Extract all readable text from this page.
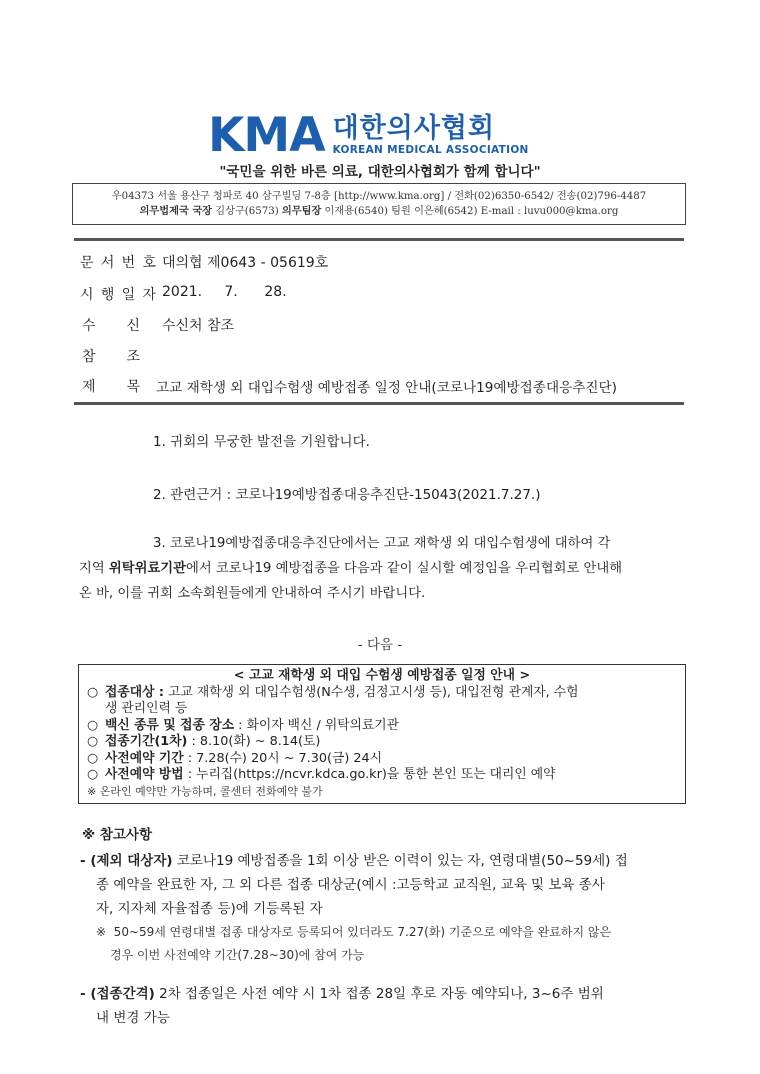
KMA 대한의사협회
KOREAN MEDICAL ASSOCIATION
"국민을 위한 바른 의료, 대한의사협회가 함께 합니다"
우04373 서울 용산구 청파로 40 삼구빌딩 7-8층 [http://www.kma.org] / 전화(02)6350-6542/ 전송(02)796-4487
의무법제국 국장 김상구(6573) 의무팀장 이재용(6540) 팀원 이은혜(6542) E-mail : luvu000@kma.org
문 서 번 호 대의협 제0643 - 05619호
시 행 일 자 2021.     7.      28.
수 신 수신처 참조
참 조
제 목 고교 재학생 외 대입수험생 예방접종 일정 안내(코로나19예방접종대응추진단)
1. 귀회의 무궁한 발전을 기원합니다.
2. 관련근거 : 코로나19예방접종대응추진단-15043(2021.7.27.)
3. 코로나19예방접종대응추진단에서는 고교 재학생 외 대입수험생에 대하여 각
지역 위탁위료기관에서 코로나19 예방접종을 다음과 같이 실시할 예정임을 우리협회로 안내해
온 바, 이를 귀회 소속회원들에게 안내하여 주시기 바랍니다.
- 다음 -
< 고교 재학생 외 대입 수험생 예방접종 일정 안내 >
○ 접종대상 : 고교 재학생 외 대입수험생(N수생, 검정고시생 등), 대입전형 관계자, 수험
생 관리인력 등
○ 백신 종류 및 접종 장소 : 화이자 백신 / 위탁의료기관
○ 접종기간(1차) : 8.10(화) ~ 8.14(토)
○ 사전예약 기간 : 7.28(수) 20시 ~ 7.30(금) 24시
○ 사전예약 방법 : 누리집(https://ncvr.kdca.go.kr)을 통한 본인 또는 대리인 예약
※ 온라인 예약만 가능하며, 콜센터 전화예약 불가
※ 참고사항
- (제외 대상자) 코로나19 예방접종을 1회 이상 받은 이력이 있는 자, 연령대별(50~59세) 접
종 예약을 완료한 자, 그 외 다른 접종 대상군(예시 :고등학교 교직원, 교육 및 보육 종사
자, 지자체 자율접종 등)에 기등록된 자
※  50~59세 연령대별 접종 대상자로 등록되어 있더라도 7.27(화) 기준으로 예약을 완료하지 않은
경우 이번 사전예약 기간(7.28~30)에 참여 가능
- (접종간격) 2차 접종일은 사전 예약 시 1차 접종 28일 후로 자동 예약되나, 3~6주 범위
내 변경 가능
